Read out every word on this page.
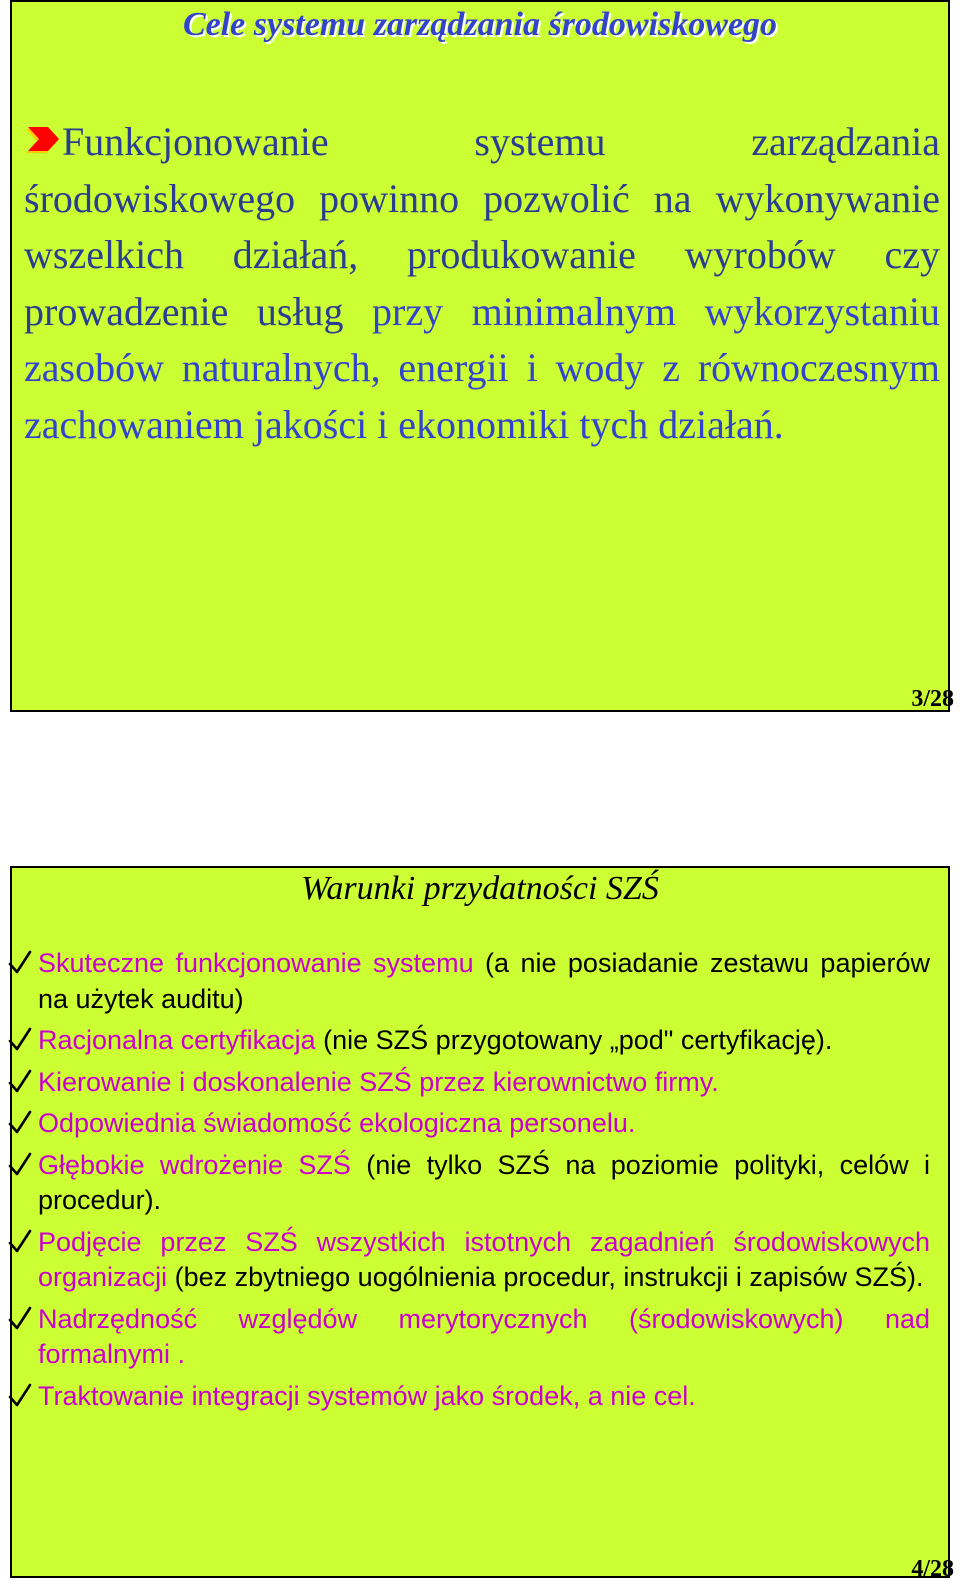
Cele systemu zarządzania środowiskowego
Funkcjonowanie systemu zarządzania środowiskowego powinno pozwolić na wykonywanie wszelkich działań, produkowanie wyrobów czy prowadzenie usług przy minimalnym wykorzystaniu zasobów naturalnych, energii i wody z równoczesnym zachowaniem jakości i ekonomiki tych działań.
3/28
Warunki przydatności SZŚ
Skuteczne funkcjonowanie systemu (a nie posiadanie zestawu papierów na użytek auditu)
Racjonalna certyfikacja (nie SZŚ przygotowany „pod" certyfikację).
Kierowanie i doskonalenie SZŚ przez kierownictwo firmy.
Odpowiednia świadomość ekologiczna personelu.
Głębokie wdrożenie SZŚ (nie tylko SZŚ na poziomie polityki, celów i procedur).
Podjęcie przez SZŚ wszystkich istotnych zagadnień środowiskowych organizacji (bez zbytniego uogólnienia procedur, instrukcji i zapisów SZŚ).
Nadrzędność względów merytorycznych (środowiskowych) nad formalnymi .
Traktowanie integracji systemów jako środek, a nie cel.
4/28
